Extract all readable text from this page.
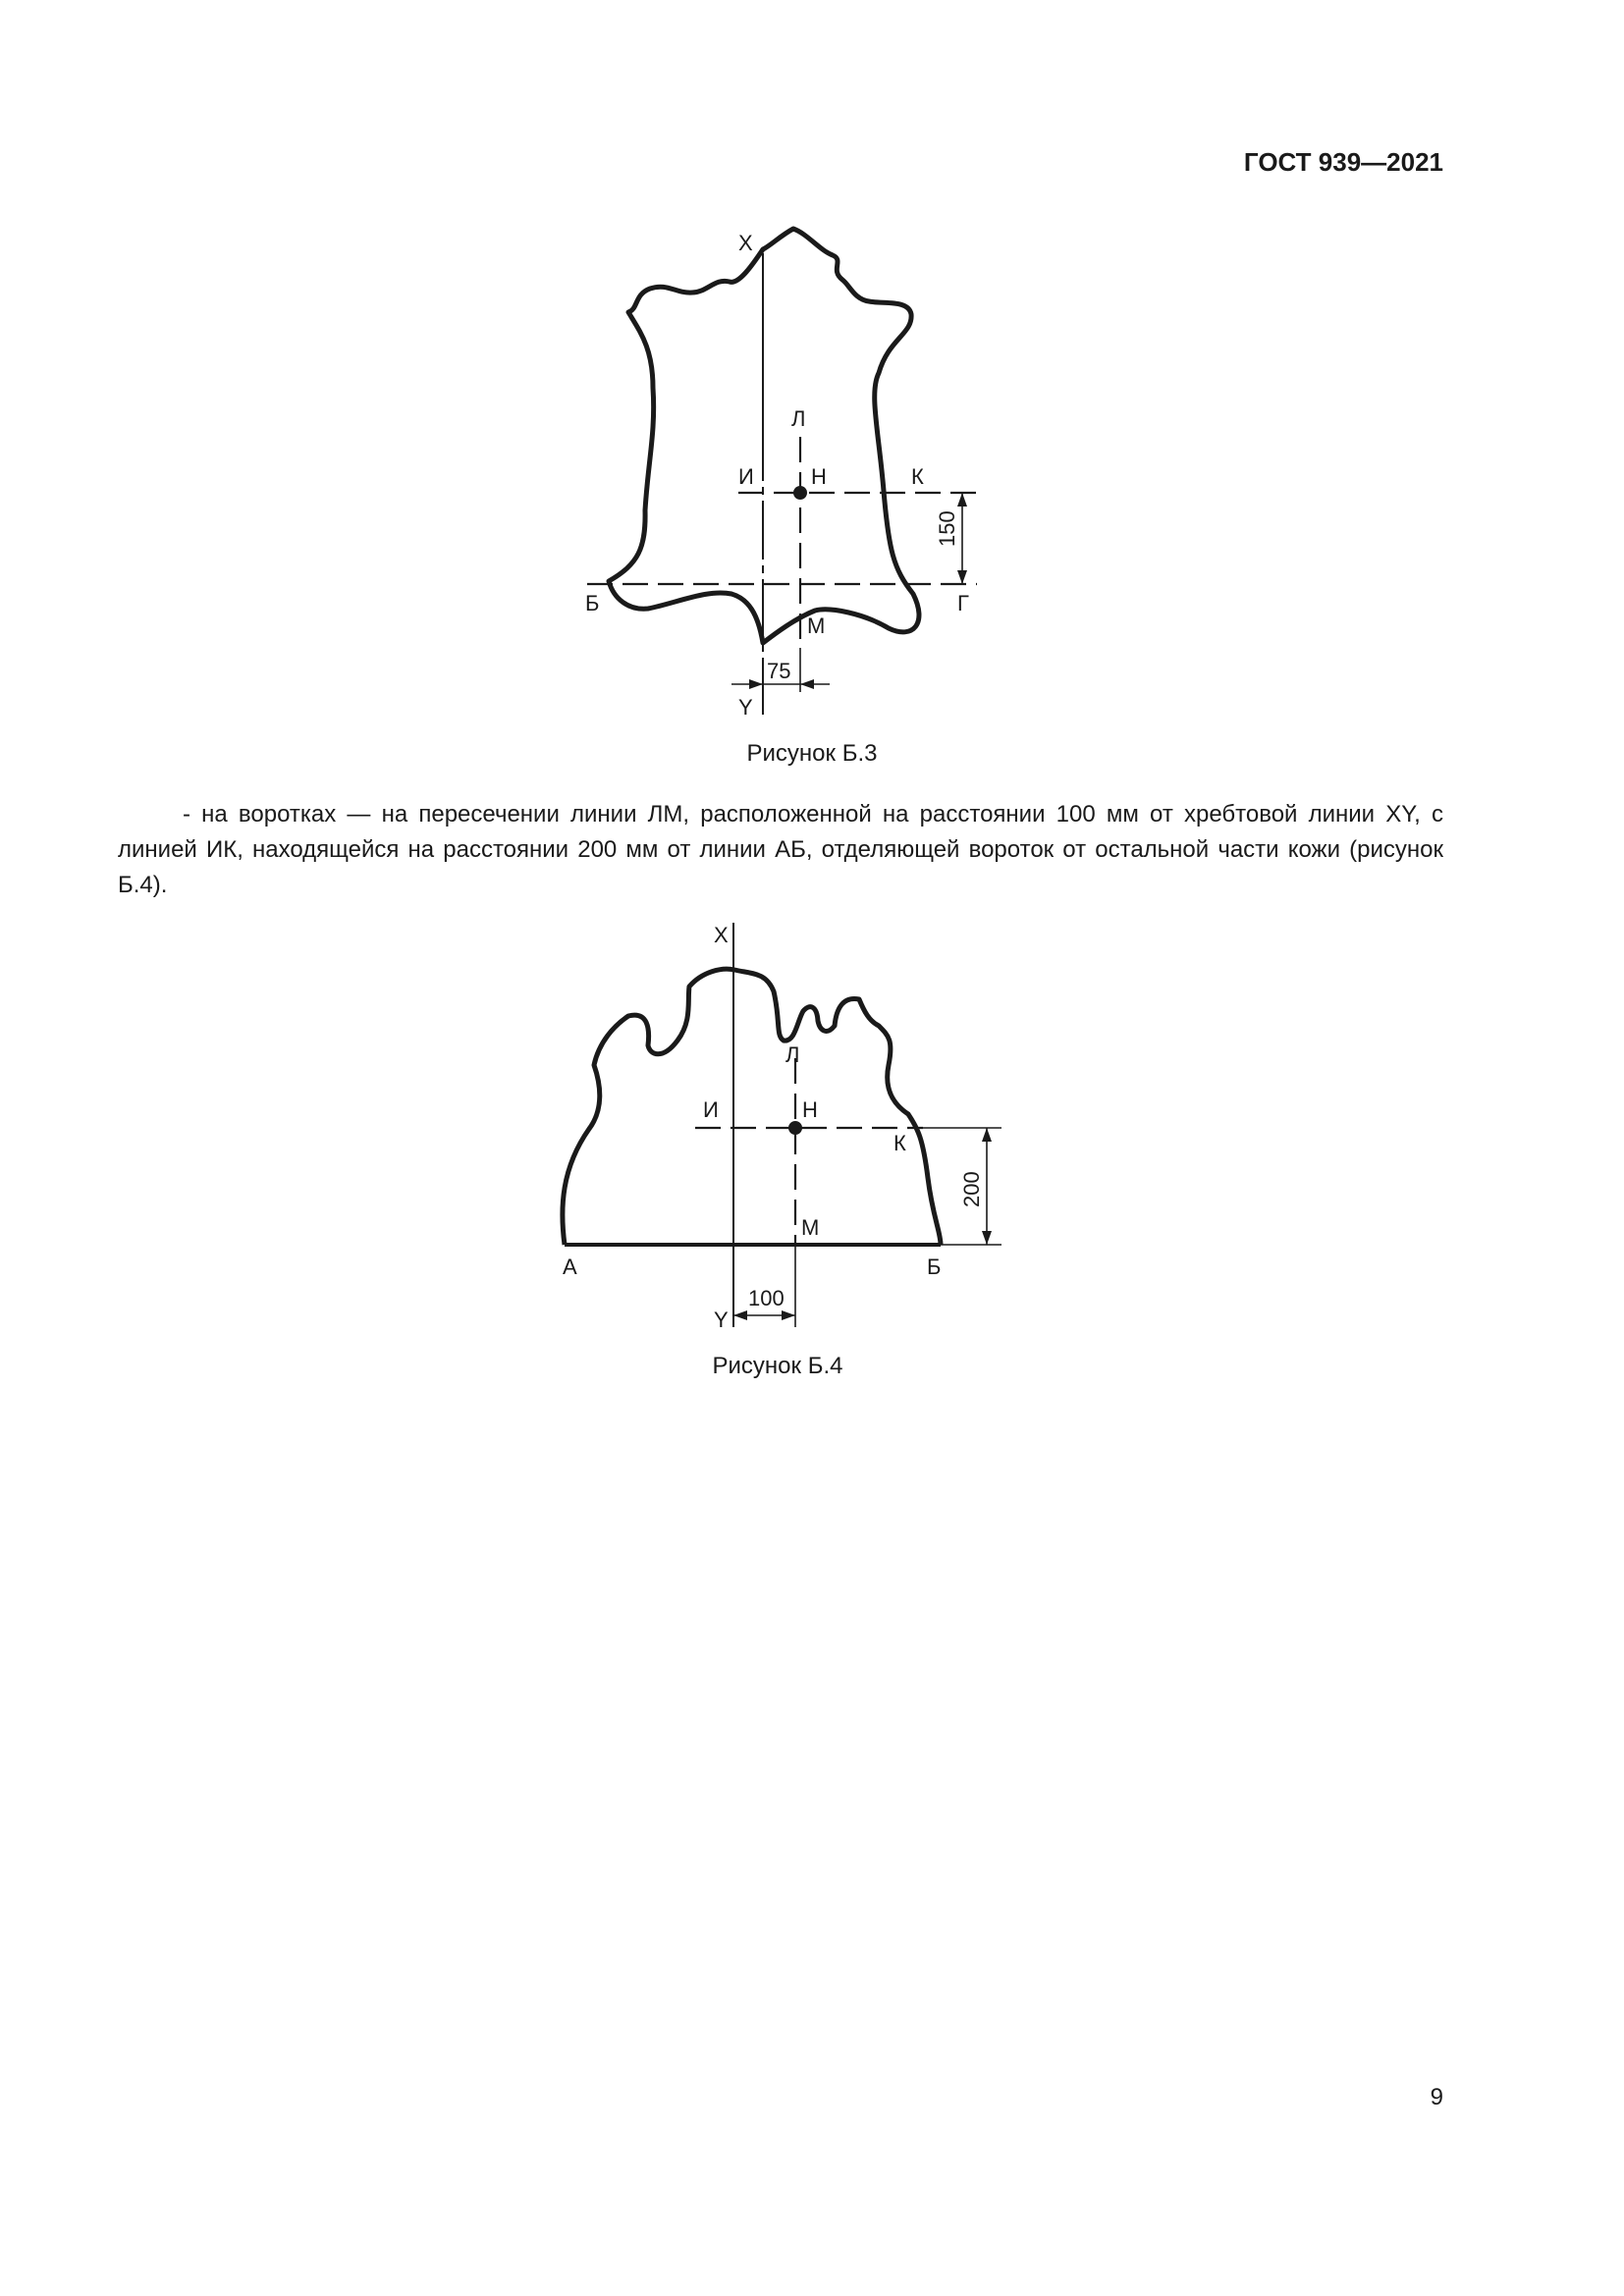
ГОСТ 939—2021
X
Л
И	Н	К
Б	Г
М
Y
75
150
Рисунок Б.3
- на воротках — на пересечении линии ЛМ, расположенной на расстоянии 100 мм от хребтовой линии XY, с линией ИК, находящейся на расстоянии 200 мм от линии АБ, отделяющей вороток от остальной части кожи (рисунок Б.4).
X
Л
И	Н
К
М
А	Б
Y
100
200
Рисунок Б.4
9
